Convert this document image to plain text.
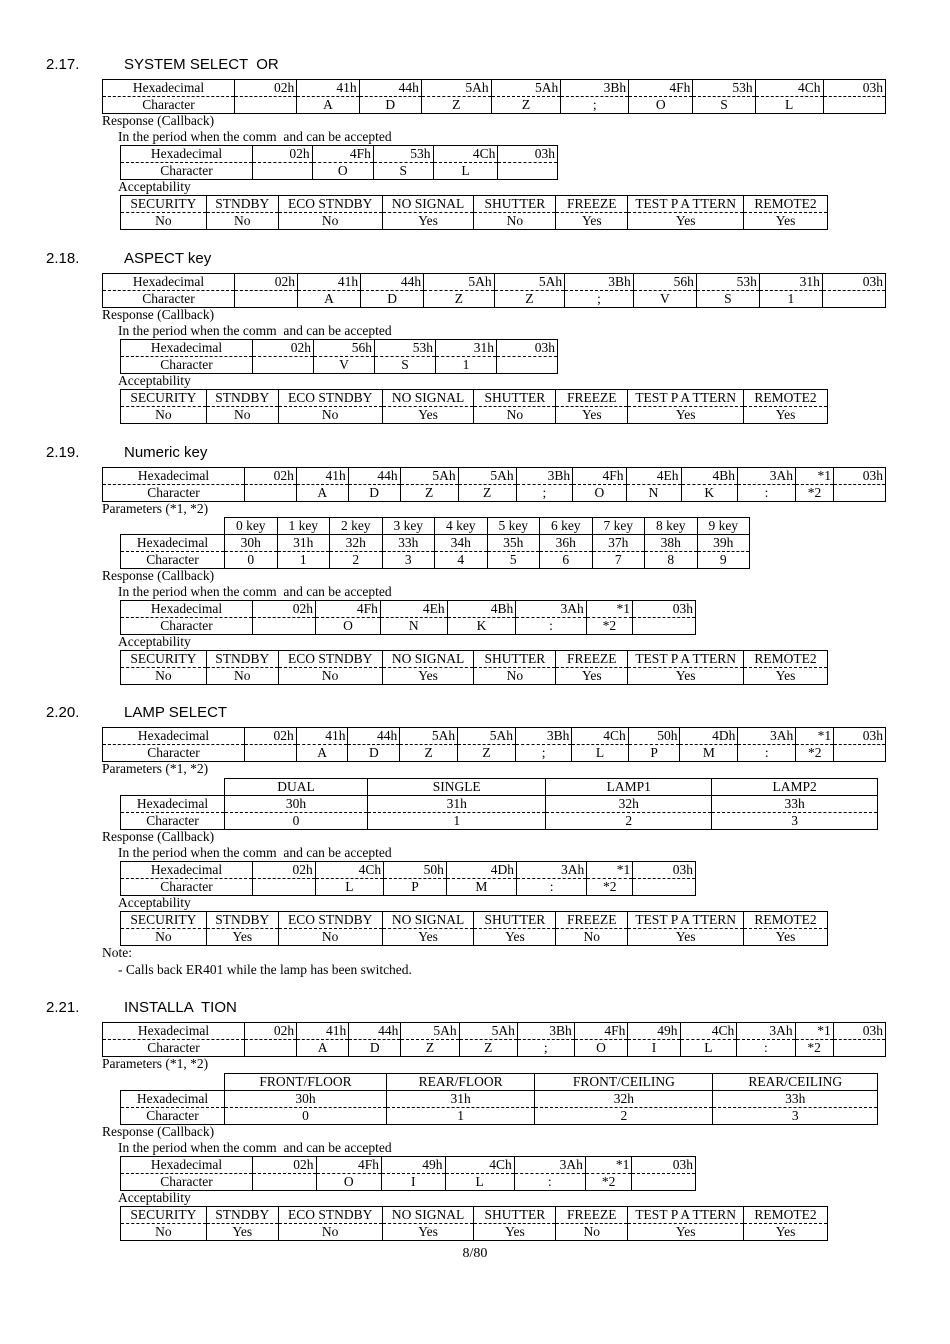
2.17.	SYSTEM SELECT  OR
Hexadecimal	02h	41h	44h	5Ah	5Ah	3Bh	4Fh	53h	4Ch	03h
Character		A	D	Z	Z	;	O	S	L	
Response (Callback)
In the period when the comm  and can be accepted
Hexadecimal	02h	4Fh	53h	4Ch	03h
Character		O	S	L	
Acceptability
SECURITY	STNDBY	ECO STNDBY	NO SIGNAL	SHUTTER	FREEZE	TEST P A TTERN	REMOTE2
No	No	No	Yes	No	Yes	Yes	Yes
2.18.	ASPECT key
Hexadecimal	02h	41h	44h	5Ah	5Ah	3Bh	56h	53h	31h	03h
Character		A	D	Z	Z	;	V	S	1	
Response (Callback)
In the period when the comm  and can be accepted
Hexadecimal	02h	56h	53h	31h	03h
Character		V	S	1	
Acceptability
SECURITY	STNDBY	ECO STNDBY	NO SIGNAL	SHUTTER	FREEZE	TEST P A TTERN	REMOTE2
No	No	No	Yes	No	Yes	Yes	Yes
2.19.	Numeric key
Hexadecimal	02h	41h	44h	5Ah	5Ah	3Bh	4Fh	4Eh	4Bh	3Ah	*1	03h
Character		A	D	Z	Z	;	O	N	K	:	*2	
Parameters (*1, *2)
	0 key	1 key	2 key	3 key	4 key	5 key	6 key	7 key	8 key	9 key
Hexadecimal	30h	31h	32h	33h	34h	35h	36h	37h	38h	39h
Character	0	1	2	3	4	5	6	7	8	9
Response (Callback)
In the period when the comm  and can be accepted
Hexadecimal	02h	4Fh	4Eh	4Bh	3Ah	*1	03h
Character		O	N	K	:	*2	
Acceptability
SECURITY	STNDBY	ECO STNDBY	NO SIGNAL	SHUTTER	FREEZE	TEST P A TTERN	REMOTE2
No	No	No	Yes	No	Yes	Yes	Yes
2.20.	LAMP SELECT
Hexadecimal	02h	41h	44h	5Ah	5Ah	3Bh	4Ch	50h	4Dh	3Ah	*1	03h
Character		A	D	Z	Z	;	L	P	M	:	*2	
Parameters (*1, *2)
	DUAL	SINGLE	LAMP1	LAMP2
Hexadecimal	30h	31h	32h	33h
Character	0	1	2	3
Response (Callback)
In the period when the comm  and can be accepted
Hexadecimal	02h	4Ch	50h	4Dh	3Ah	*1	03h
Character		L	P	M	:	*2	
Acceptability
SECURITY	STNDBY	ECO STNDBY	NO SIGNAL	SHUTTER	FREEZE	TEST P A TTERN	REMOTE2
No	Yes	No	Yes	Yes	No	Yes	Yes
Note:
- Calls back ER401 while the lamp has been switched.
2.21.	INSTALLA  TION
Hexadecimal	02h	41h	44h	5Ah	5Ah	3Bh	4Fh	49h	4Ch	3Ah	*1	03h
Character		A	D	Z	Z	;	O	I	L	:	*2	
Parameters (*1, *2)
	FRONT/FLOOR	REAR/FLOOR	FRONT/CEILING	REAR/CEILING
Hexadecimal	30h	31h	32h	33h
Character	0	1	2	3
Response (Callback)
In the period when the comm  and can be accepted
Hexadecimal	02h	4Fh	49h	4Ch	3Ah	*1	03h
Character		O	I	L	:	*2	
Acceptability
SECURITY	STNDBY	ECO STNDBY	NO SIGNAL	SHUTTER	FREEZE	TEST P A TTERN	REMOTE2
No	Yes	No	Yes	Yes	No	Yes	Yes
8/80
